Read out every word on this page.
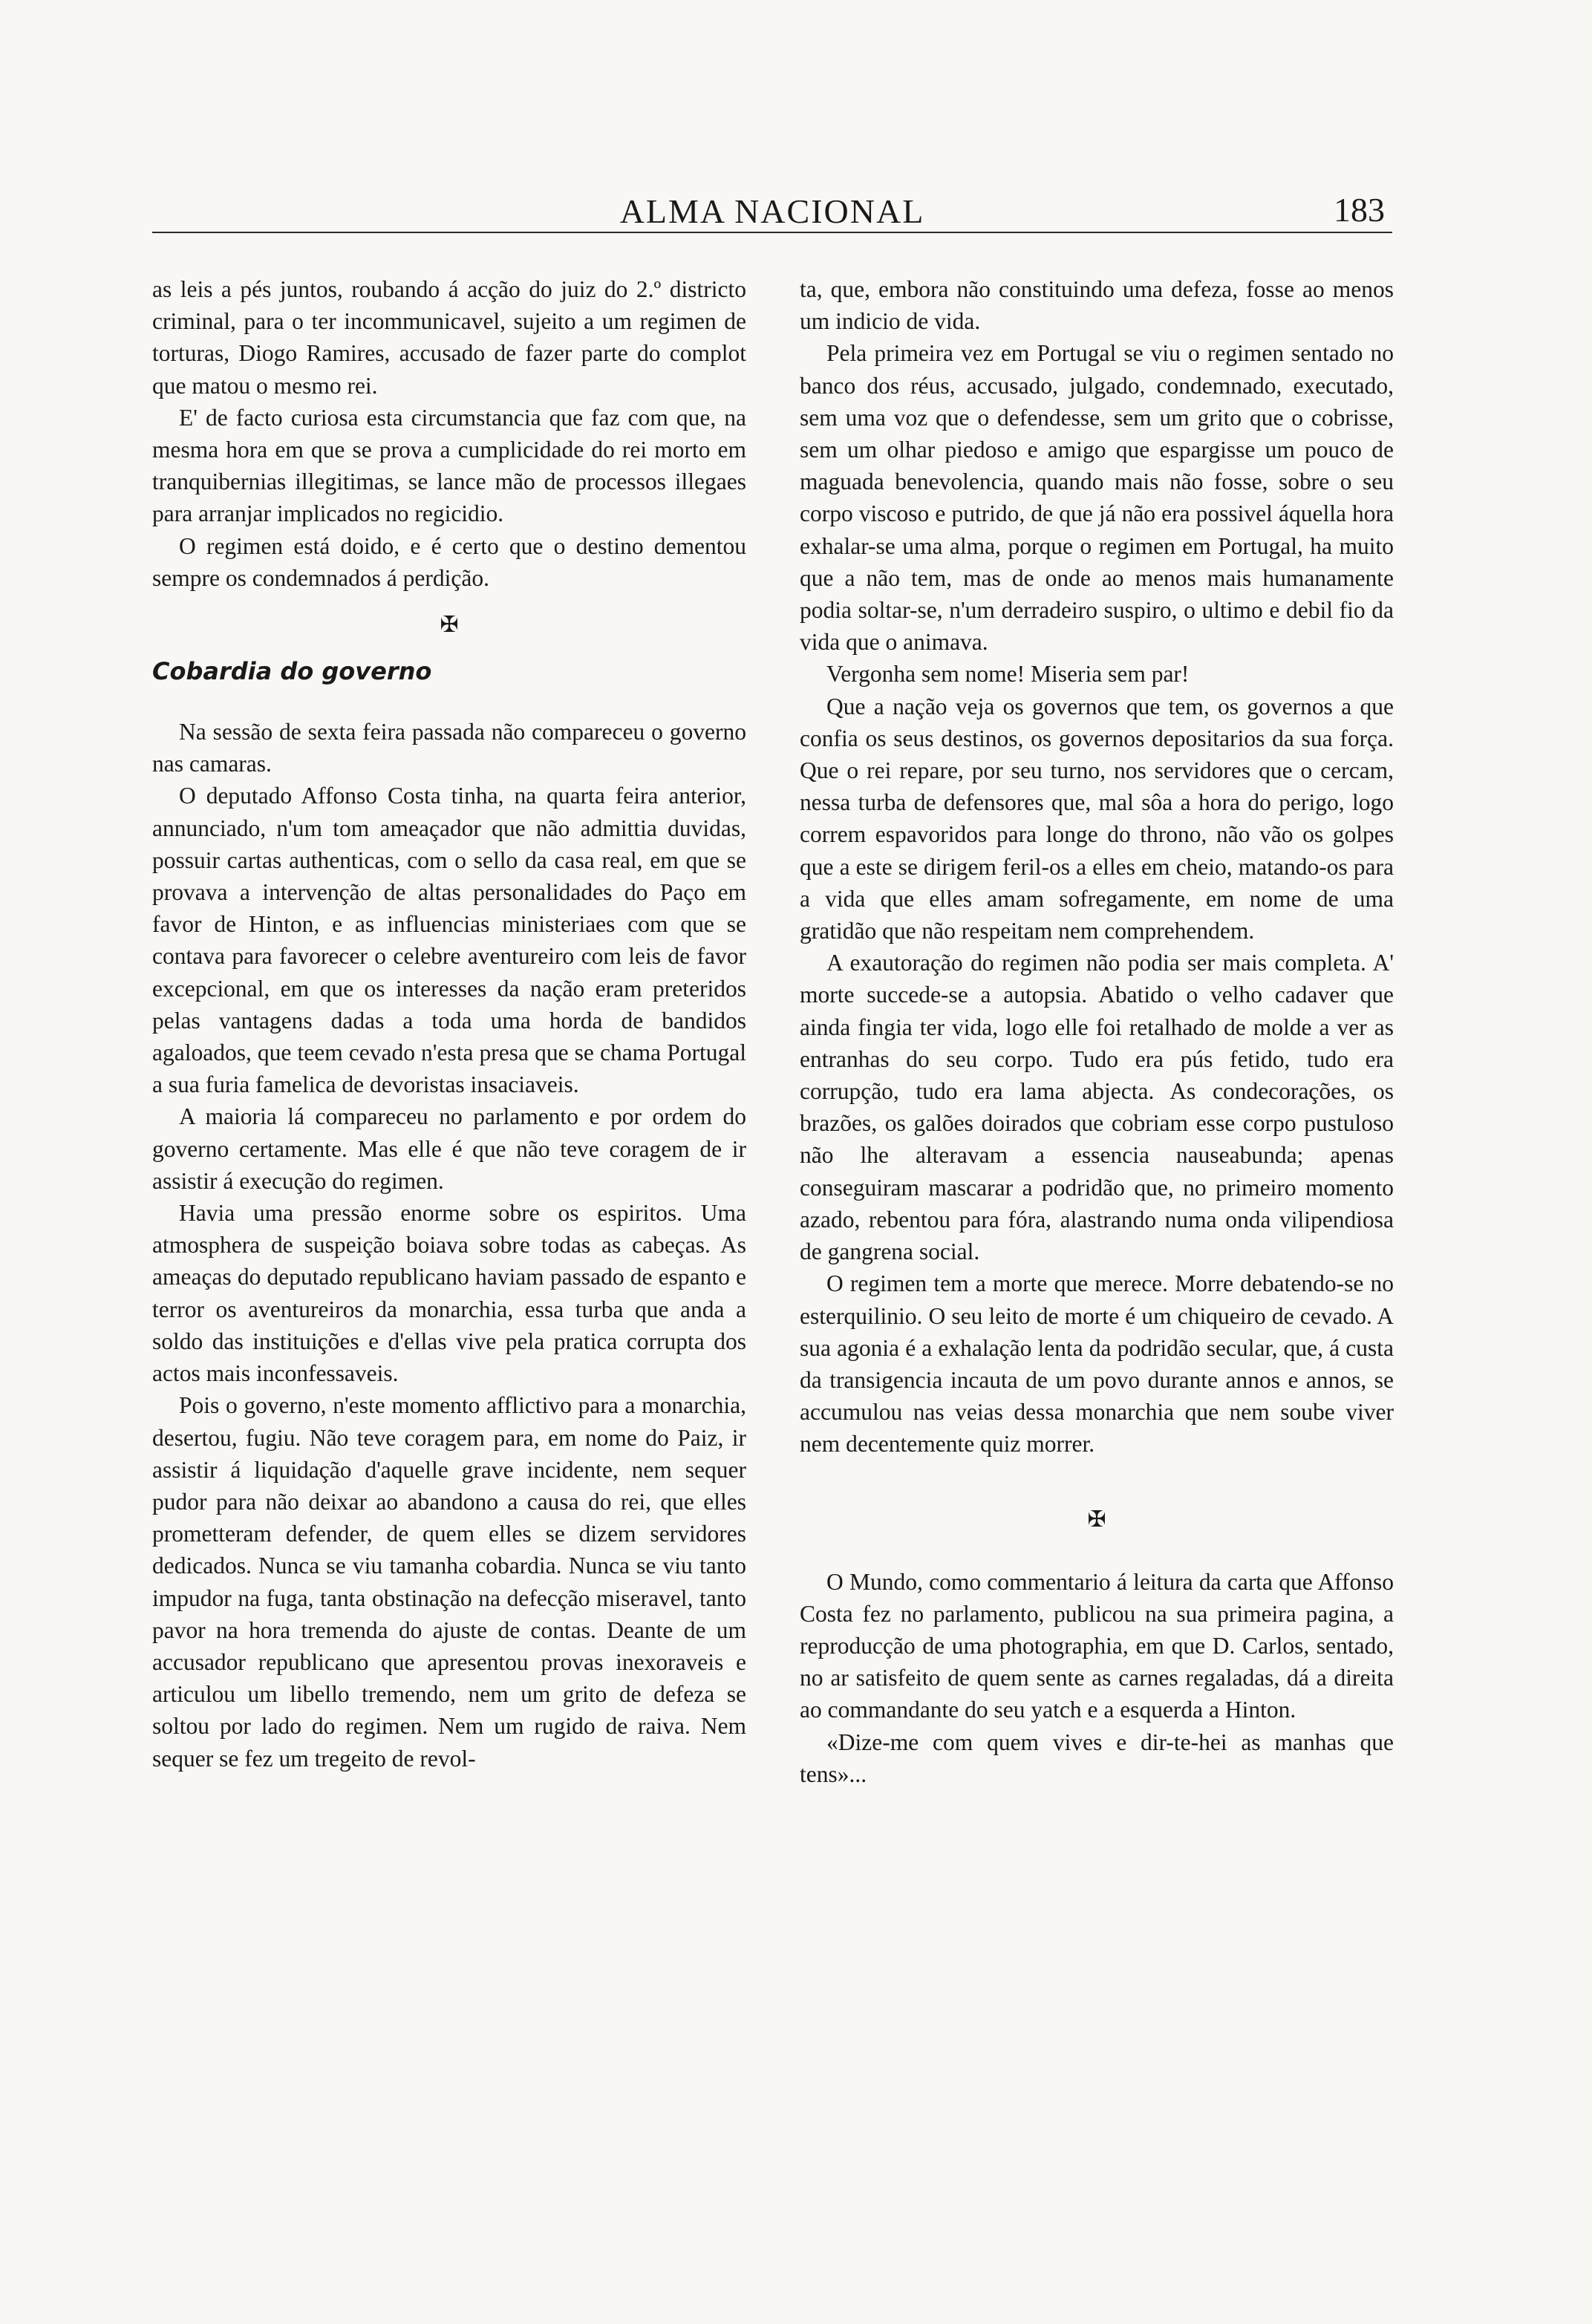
ALMA NACIONAL	183

as leis a pés juntos, roubando á acção do juiz do 2.º districto criminal, para o ter incommunicavel, sujeito a um regimen de torturas, Diogo Ramires, accusado de fazer parte do complot que matou o mesmo rei.

E' de facto curiosa esta circumstancia que faz com que, na mesma hora em que se prova a cumplicidade do rei morto em tranquibernias illegitimas, se lance mão de processos illegaes para arranjar implicados no regicidio.

O regimen está doido, e é certo que o destino dementou sempre os condemnados á perdição.

✠
Cobardia do governo

Na sessão de sexta feira passada não compareceu o governo nas camaras.

O deputado Affonso Costa tinha, na quarta feira anterior, annunciado, n'um tom ameaçador que não admittia duvidas, possuir cartas authenticas, com o sello da casa real, em que se provava a intervenção de altas personalidades do Paço em favor de Hinton, e as influencias ministeriaes com que se contava para favorecer o celebre aventureiro com leis de favor excepcional, em que os interesses da nação eram preteridos pelas vantagens dadas a toda uma horda de bandidos agaloados, que teem cevado n'esta presa que se chama Portugal a sua furia famelica de devoristas insaciaveis.

A maioria lá compareceu no parlamento e por ordem do governo certamente. Mas elle é que não teve coragem de ir assistir á execução do regimen.

Havia uma pressão enorme sobre os espiritos. Uma atmosphera de suspeição boiava sobre todas as cabeças. As ameaças do deputado republicano haviam passado de espanto e terror os aventureiros da monarchia, essa turba que anda a soldo das instituições e d'ellas vive pela pratica corrupta dos actos mais inconfessaveis.

Pois o governo, n'este momento afflictivo para a monarchia, desertou, fugiu. Não teve coragem para, em nome do Paiz, ir assistir á liquidação d'aquelle grave incidente, nem sequer pudor para não deixar ao abandono a causa do rei, que elles prometteram defender, de quem elles se dizem servidores dedicados. Nunca se viu tamanha cobardia. Nunca se viu tanto impudor na fuga, tanta obstinação na defecção miseravel, tanto pavor na hora tremenda do ajuste de contas. Deante de um accusador republicano que apresentou provas inexoraveis e articulou um libello tremendo, nem um grito de defeza se soltou por lado do regimen. Nem um rugido de raiva. Nem sequer se fez um tregeito de revol-

ta, que, embora não constituindo uma defeza, fosse ao menos um indicio de vida.

Pela primeira vez em Portugal se viu o regimen sentado no banco dos réus, accusado, julgado, condemnado, executado, sem uma voz que o defendesse, sem um grito que o cobrisse, sem um olhar piedoso e amigo que espargisse um pouco de maguada benevolencia, quando mais não fosse, sobre o seu corpo viscoso e putrido, de que já não era possivel áquella hora exhalar-se uma alma, porque o regimen em Portugal, ha muito que a não tem, mas de onde ao menos mais humanamente podia soltar-se, n'um derradeiro suspiro, o ultimo e debil fio da vida que o animava.

Vergonha sem nome! Miseria sem par!

Que a nação veja os governos que tem, os governos a que confia os seus destinos, os governos depositarios da sua força. Que o rei repare, por seu turno, nos servidores que o cercam, nessa turba de defensores que, mal sôa a hora do perigo, logo correm espavoridos para longe do throno, não vão os golpes que a este se dirigem feril-os a elles em cheio, matando-os para a vida que elles amam sofregamente, em nome de uma gratidão que não respeitam nem comprehendem.

A exautoração do regimen não podia ser mais completa. A' morte succede-se a autopsia. Abatido o velho cadaver que ainda fingia ter vida, logo elle foi retalhado de molde a ver as entranhas do seu corpo. Tudo era pús fetido, tudo era corrupção, tudo era lama abjecta. As condecorações, os brazões, os galões doirados que cobriam esse corpo pustuloso não lhe alteravam a essencia nauseabunda; apenas conseguiram mascarar a podridão que, no primeiro momento azado, rebentou para fóra, alastrando numa onda vilipendiosa de gangrena social.

O regimen tem a morte que merece. Morre debatendo-se no esterquilinio. O seu leito de morte é um chiqueiro de cevado. A sua agonia é a exhalação lenta da podridão secular, que, á custa da transigencia incauta de um povo durante annos e annos, se accumulou nas veias dessa monarchia que nem soube viver nem decentemente quiz morrer.

✠

O Mundo, como commentario á leitura da carta que Affonso Costa fez no parlamento, publicou na sua primeira pagina, a reproducção de uma photographia, em que D. Carlos, sentado, no ar satisfeito de quem sente as carnes regaladas, dá a direita ao commandante do seu yatch e a esquerda a Hinton.

«Dize-me com quem vives e dir-te-hei as manhas que tens»...
